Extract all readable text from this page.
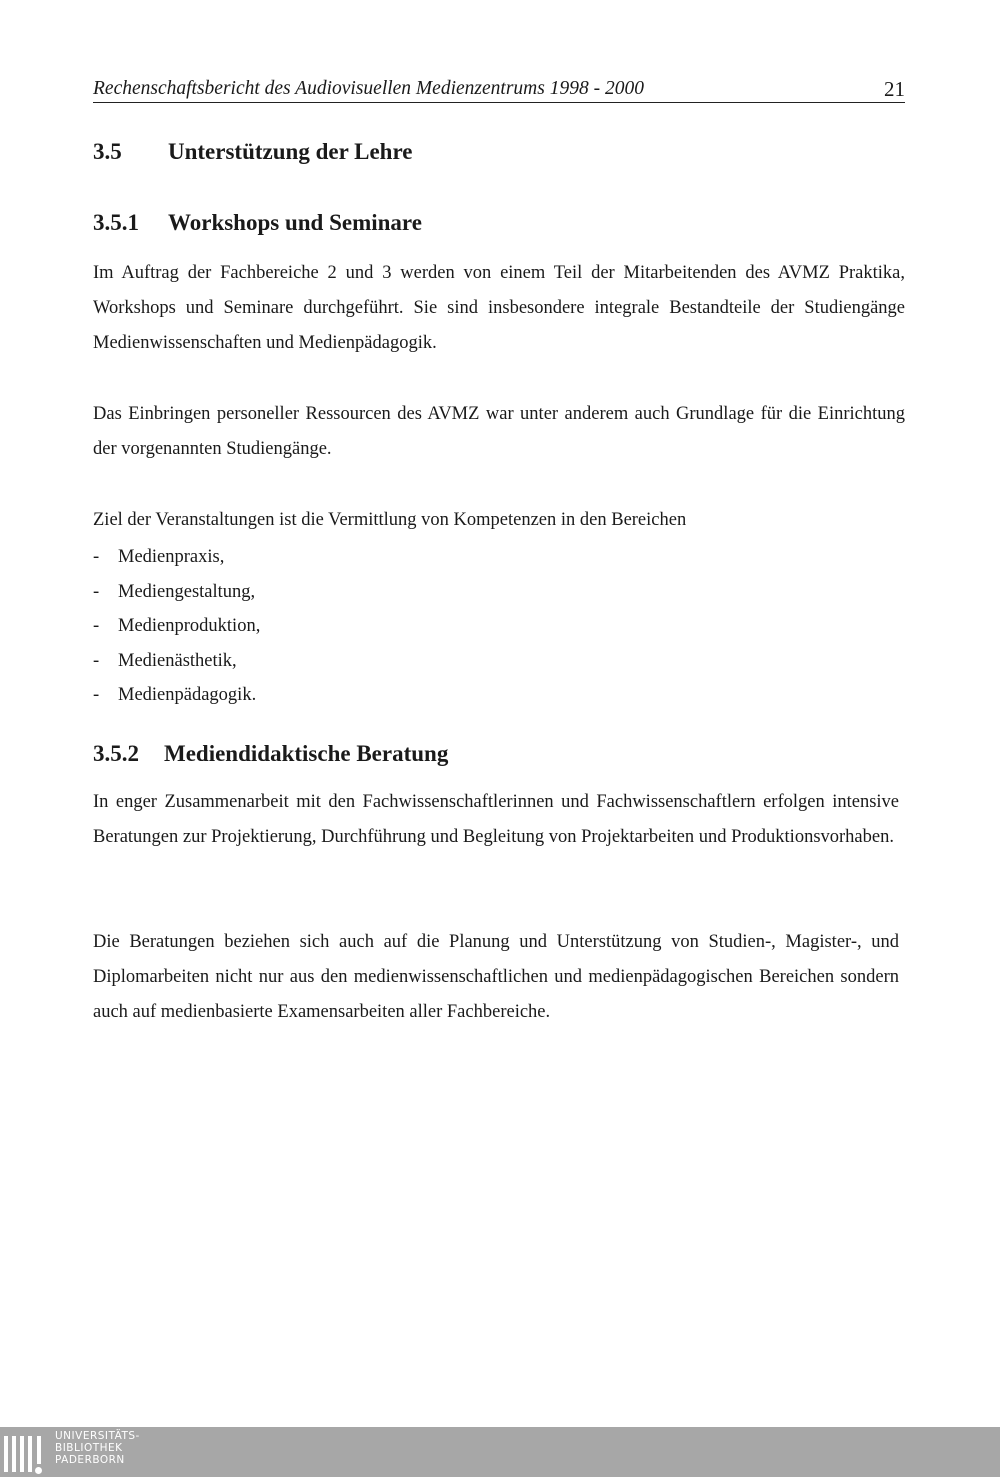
Rechenschaftsbericht des Audiovisuellen Medienzentrums 1998 - 2000	21
3.5 Unterstützung der Lehre
3.5.1 Workshops und Seminare

Im Auftrag der Fachbereiche 2 und 3 werden von einem Teil der Mitarbeitenden des AVMZ Praktika, Workshops und Seminare durchgeführt. Sie sind insbesondere integrale Bestandteile der Studiengänge Medienwissenschaften und Medienpädagogik.

Das Einbringen personeller Ressourcen des AVMZ war unter anderem auch Grundlage für die Einrichtung der vorgenannten Studiengänge.

Ziel der Veranstaltungen ist die Vermittlung von Kompetenzen in den Bereichen

- Medienpraxis,
- Mediengestaltung,
- Medienproduktion,
- Medienästhetik,
- Medienpädagogik.
3.5.2 Mediendidaktische Beratung

In enger Zusammenarbeit mit den Fachwissenschaftlerinnen und Fachwissenschaftlern erfolgen intensive Beratungen zur Projektierung, Durchführung und Begleitung von Projektarbeiten und Produktionsvorhaben.

Die Beratungen beziehen sich auch auf die Planung und Unterstützung von Studien-, Magister-, und Diplomarbeiten nicht nur aus den medienwissenschaftlichen und medienpädagogischen Bereichen sondern auch auf medienbasierte Examensarbeiten aller Fachbereiche.

UNIVERSITÄTS-
BIBLIOTHEK
PADERBORN
